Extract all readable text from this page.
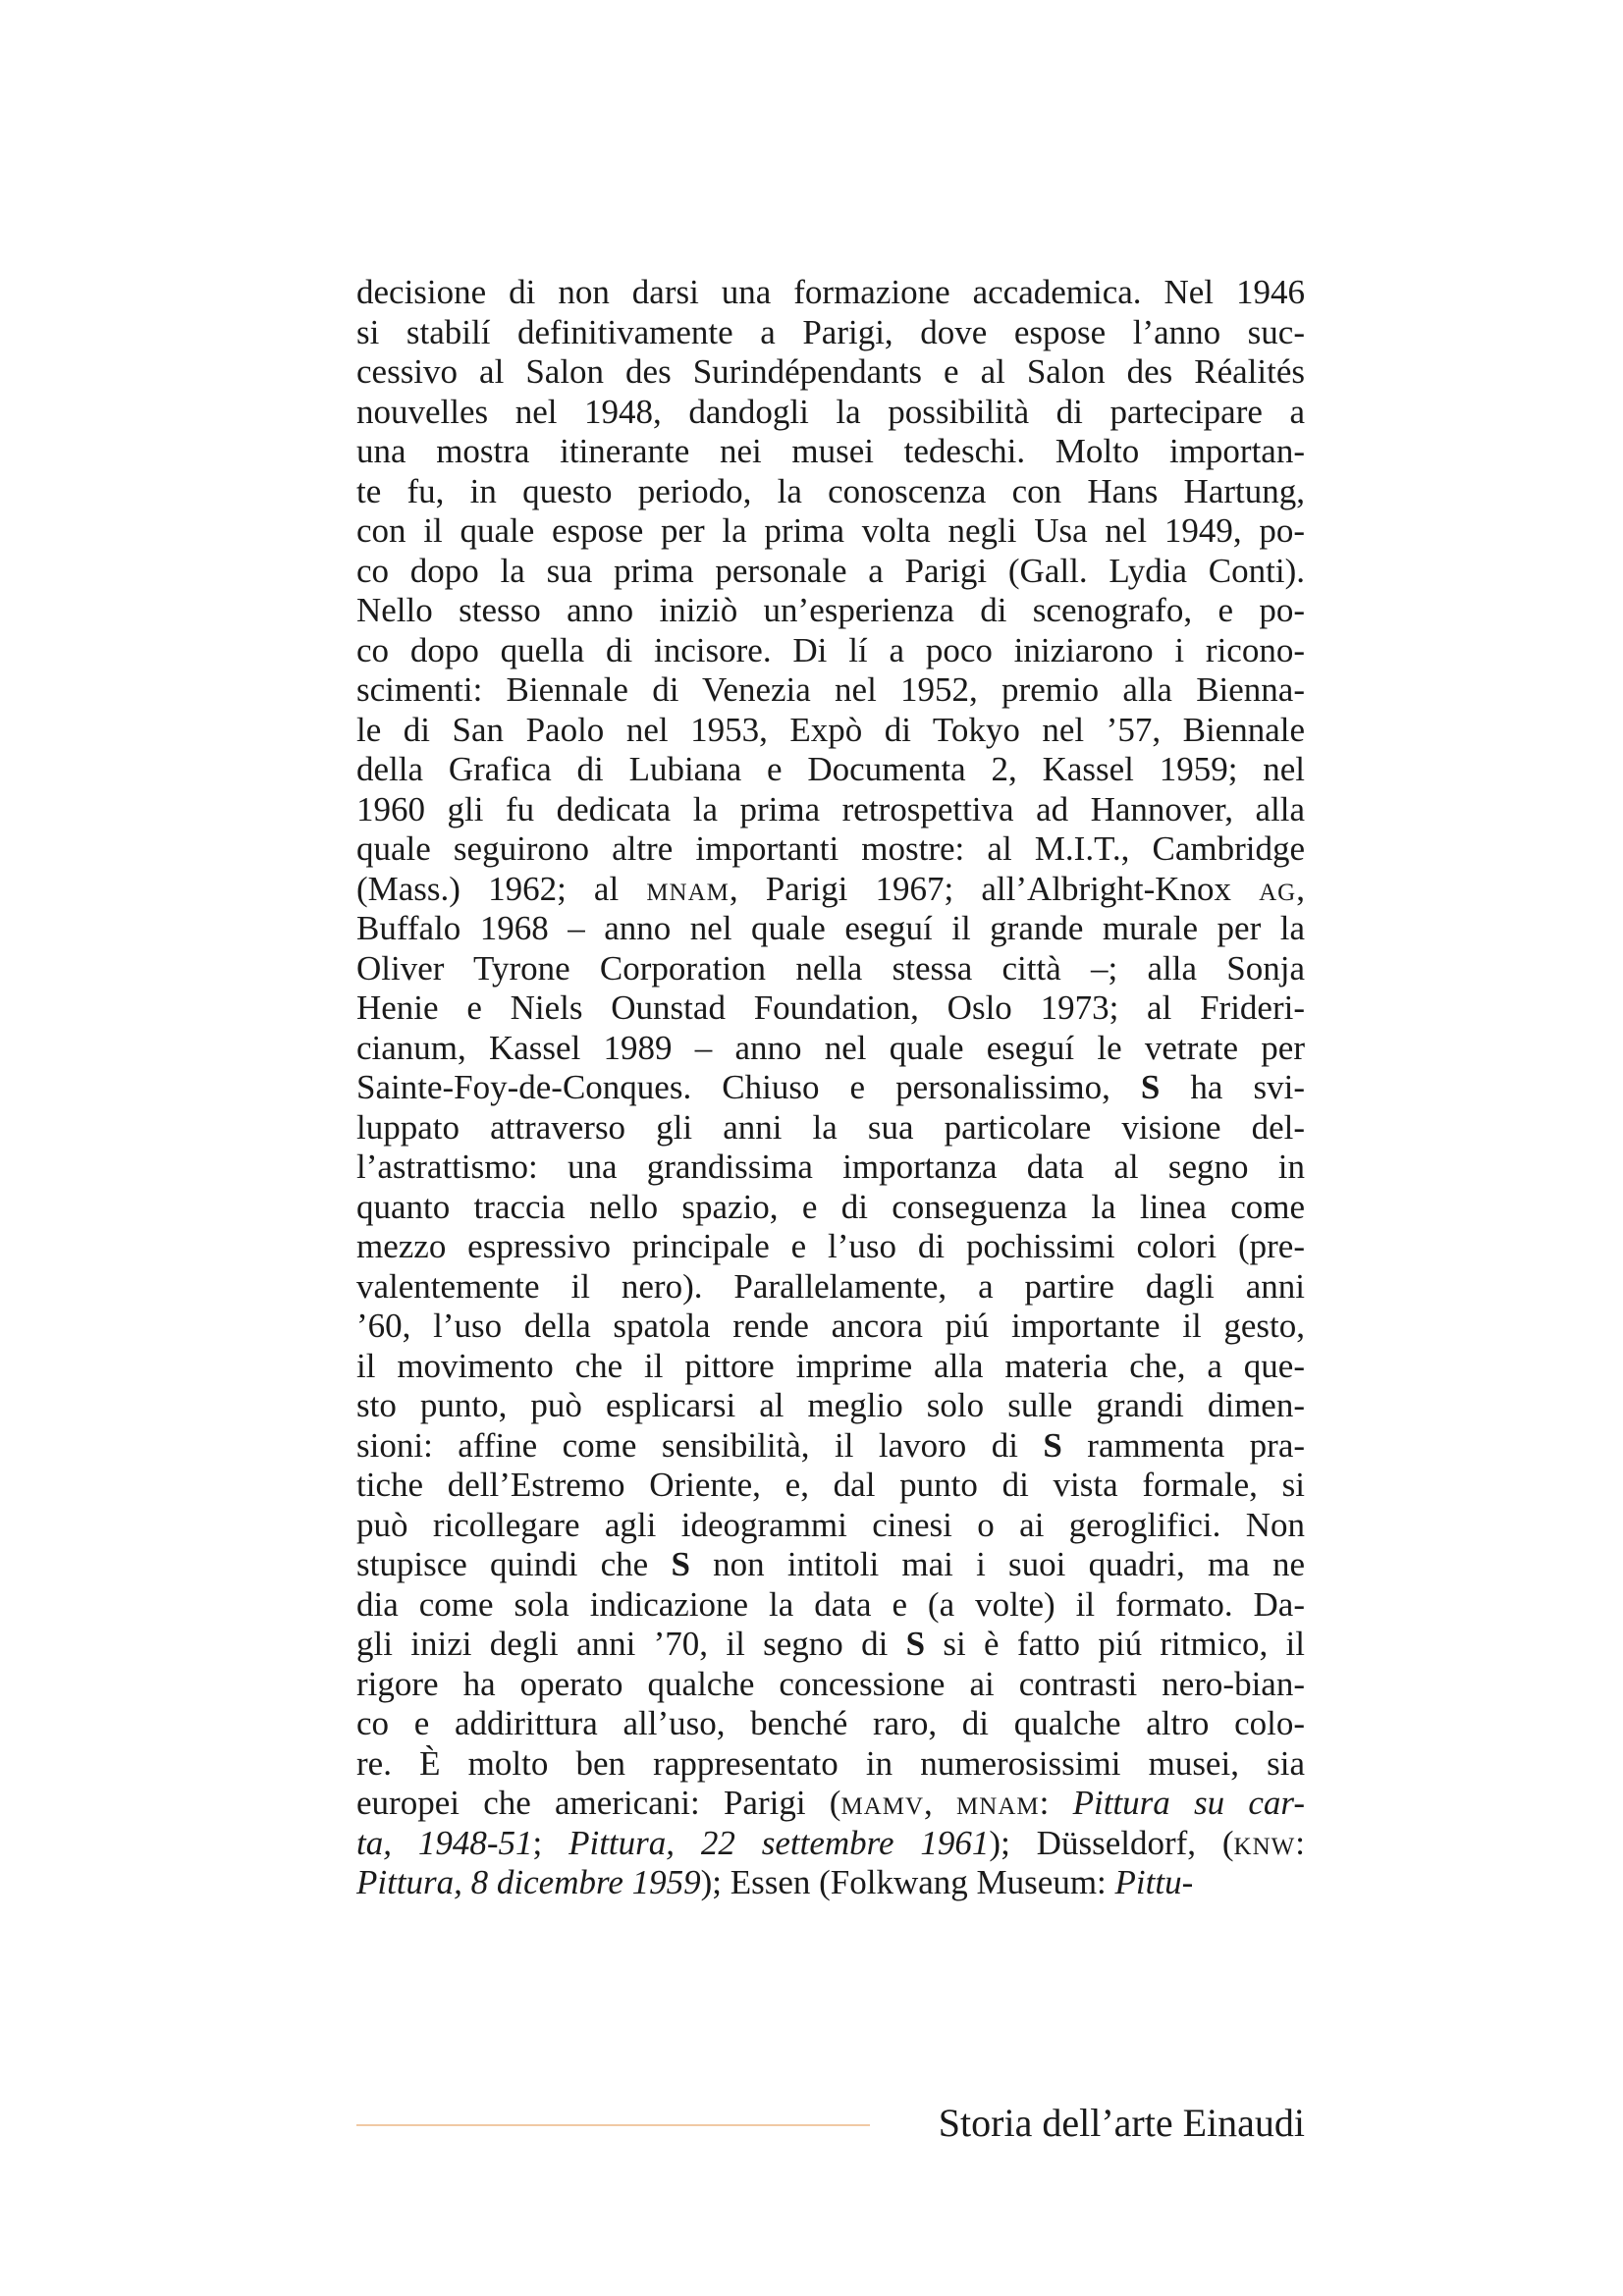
decisione di non darsi una formazione accademica. Nel 1946
si stabilí definitivamente a Parigi, dove espose l’anno suc-
cessivo al Salon des Surindépendants e al Salon des Réalités
nouvelles nel 1948, dandogli la possibilità di partecipare a
una mostra itinerante nei musei tedeschi. Molto importan-
te fu, in questo periodo, la conoscenza con Hans Hartung,
con il quale espose per la prima volta negli Usa nel 1949, po-
co dopo la sua prima personale a Parigi (Gall. Lydia Conti).
Nello stesso anno iniziò un’esperienza di scenografo, e po-
co dopo quella di incisore. Di lí a poco iniziarono i ricono-
scimenti: Biennale di Venezia nel 1952, premio alla Bienna-
le di San Paolo nel 1953, Expò di Tokyo nel ’57, Biennale
della Grafica di Lubiana e Documenta 2, Kassel 1959; nel
1960 gli fu dedicata la prima retrospettiva ad Hannover, alla
quale seguirono altre importanti mostre: al M.I.T., Cambridge
(Mass.) 1962; al mnam, Parigi 1967; all’Albright-Knox ag,
Buffalo 1968 – anno nel quale eseguí il grande murale per la
Oliver Tyrone Corporation nella stessa città –; alla Sonja
Henie e Niels Ounstad Foundation, Oslo 1973; al Frideri-
cianum, Kassel 1989 – anno nel quale eseguí le vetrate per
Sainte-Foy-de-Conques. Chiuso e personalissimo, S ha svi-
luppato attraverso gli anni la sua particolare visione del-
l’astrattismo: una grandissima importanza data al segno in
quanto traccia nello spazio, e di conseguenza la linea come
mezzo espressivo principale e l’uso di pochissimi colori (pre-
valentemente il nero). Parallelamente, a partire dagli anni
’60, l’uso della spatola rende ancora piú importante il gesto,
il movimento che il pittore imprime alla materia che, a que-
sto punto, può esplicarsi al meglio solo sulle grandi dimen-
sioni: affine come sensibilità, il lavoro di S rammenta pra-
tiche dell’Estremo Oriente, e, dal punto di vista formale, si
può ricollegare agli ideogrammi cinesi o ai geroglifici. Non
stupisce quindi che S non intitoli mai i suoi quadri, ma ne
dia come sola indicazione la data e (a volte) il formato. Da-
gli inizi degli anni ’70, il segno di S si è fatto piú ritmico, il
rigore ha operato qualche concessione ai contrasti nero-bian-
co e addirittura all’uso, benché raro, di qualche altro colo-
re. È molto ben rappresentato in numerosissimi musei, sia
europei che americani: Parigi (mamv, mnam: Pittura su car-
ta, 1948-51; Pittura, 22 settembre 1961); Düsseldorf, (knw:
Pittura, 8 dicembre 1959); Essen (Folkwang Museum: Pittu-
Storia dell’arte Einaudi
